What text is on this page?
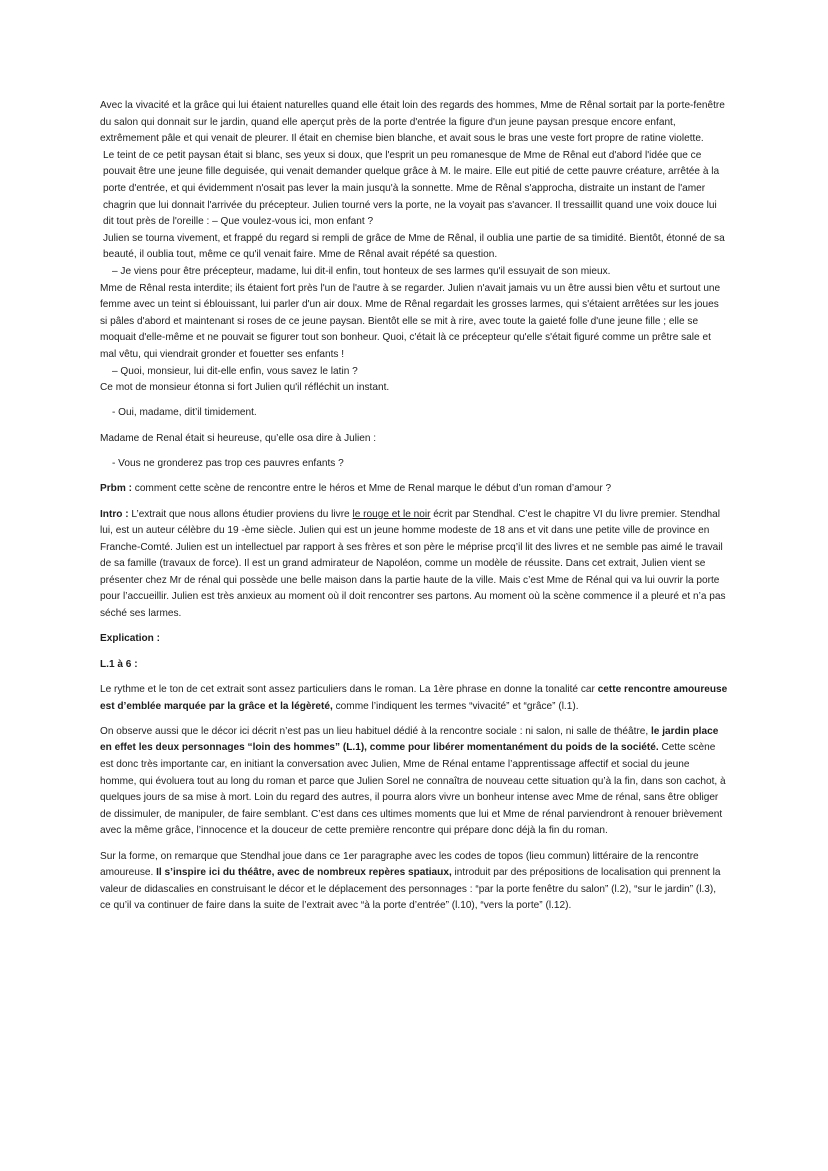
Avec la vivacité et la grâce qui lui étaient naturelles quand elle était loin des regards des hommes, Mme de Rênal sortait par la porte-fenêtre du salon qui donnait sur le jardin, quand elle aperçut près de la porte d'entrée la figure d'un jeune paysan presque encore enfant, extrêmement pâle et qui venait de pleurer. Il était en chemise bien blanche, et avait sous le bras une veste fort propre de ratine violette.

Le teint de ce petit paysan était si blanc, ses yeux si doux, que l'esprit un peu romanesque de Mme de Rênal eut d'abord l'idée que ce pouvait être une jeune fille deguisée, qui venait demander quelque grâce à M. le maire. Elle eut pitié de cette pauvre créature, arrêtée à la porte d'entrée, et qui évidemment n'osait pas lever la main jusqu'à la sonnette. Mme de Rênal s'approcha, distraite un instant de l'amer chagrin que lui donnait l'arrivée du précepteur. Julien tourné vers la porte, ne la voyait pas s'avancer. Il tressaillit quand une voix douce lui dit tout près de l'oreille : – Que voulez-vous ici, mon enfant ?

Julien se tourna vivement, et frappé du regard si rempli de grâce de Mme de Rênal, il oublia une partie de sa timidité. Bientôt, étonné de sa beauté, il oublia tout, même ce qu'il venait faire. Mme de Rênal avait répété sa question.

– Je viens pour être précepteur, madame, lui dit-il enfin, tout honteux de ses larmes qu'il essuyait de son mieux.

Mme de Rênal resta interdite; ils étaient fort près l'un de l'autre à se regarder. Julien n'avait jamais vu un être aussi bien vêtu et surtout une femme avec un teint si éblouissant, lui parler d'un air doux. Mme de Rênal regardait les grosses larmes, qui s'étaient arrêtées sur les joues si pâles d'abord et maintenant si roses de ce jeune paysan. Bientôt elle se mit à rire, avec toute la gaieté folle d'une jeune fille ; elle se moquait d'elle-même et ne pouvait se figurer tout son bonheur. Quoi, c'était là ce précepteur qu'elle s'était figuré comme un prêtre sale et mal vêtu, qui viendrait gronder et fouetter ses enfants !

– Quoi, monsieur, lui dit-elle enfin, vous savez le latin ?

Ce mot de monsieur étonna si fort Julien qu'il réfléchit un instant.

- Oui, madame, dit’il timidement.

Madame de Renal était si heureuse, qu’elle osa dire à Julien :

- Vous ne gronderez pas trop ces pauvres enfants ?

Prbm : comment cette scène de rencontre entre le héros et Mme de Renal marque le début d’un roman d’amour ?

Intro : L’extrait que nous allons étudier proviens du livre le rouge et le noir écrit par Stendhal. C’est le chapitre VI du livre premier. Stendhal lui, est un auteur célèbre du 19 -ème siècle. Julien qui est un jeune homme modeste de 18 ans et vit dans une petite ville de province en Franche-Comté. Julien est un intellectuel par rapport à ses frères et son père le méprise prcq’il lit des livres et ne semble pas aimé le travail de sa famille (travaux de force). Il est un grand admirateur de Napoléon, comme un modèle de réussite. Dans cet extrait, Julien vient se présenter chez Mr de rénal qui possède une belle maison dans la partie haute de la ville. Mais c’est Mme de Rénal qui va lui ouvrir la porte pour l’accueillir. Julien est très anxieux au moment où il doit rencontrer ses partons. Au moment où la scène commence il a pleuré et n’a pas séché ses larmes.

Explication :

L.1 à 6 :

Le rythme et le ton de cet extrait sont assez particuliers dans le roman. La 1ère phrase en donne la tonalité car cette rencontre amoureuse est d’emblée marquée par la grâce et la légèreté, comme l’indiquent les termes “vivacité” et “grâce” (l.1).

On observe aussi que le décor ici décrit n’est pas un lieu habituel dédié à la rencontre sociale : ni salon, ni salle de théâtre, le jardin place en effet les deux personnages “loin des hommes” (L.1), comme pour libérer momentanément du poids de la société. Cette scène est donc très importante car, en initiant la conversation avec Julien, Mme de Rénal entame l’apprentissage affectif et social du jeune homme, qui évoluera tout au long du roman et parce que Julien Sorel ne connaîtra de nouveau cette situation qu’à la fin, dans son cachot, à quelques jours de sa mise à mort. Loin du regard des autres, il pourra alors vivre un bonheur intense avec Mme de rénal, sans être obliger de dissimuler, de manipuler, de faire semblant. C’est dans ces ultimes moments que lui et Mme de rénal parviendront à renouer brièvement avec la même grâce, l’innocence et la douceur de cette première rencontre qui prépare donc déjà la fin du roman.

Sur la forme, on remarque que Stendhal joue dans ce 1er paragraphe avec les codes de topos (lieu commun) littéraire de la rencontre amoureuse. Il s’inspire ici du théâtre, avec de nombreux repères spatiaux, introduit par des prépositions de localisation qui prennent la valeur de didascalies en construisant le décor et le déplacement des personnages : “par la porte fenêtre du salon” (l.2), “sur le jardin” (l.3), ce qu’il va continuer de faire dans la suite de l’extrait avec “à la porte d’entrée” (l.10), “vers la porte” (l.12).
